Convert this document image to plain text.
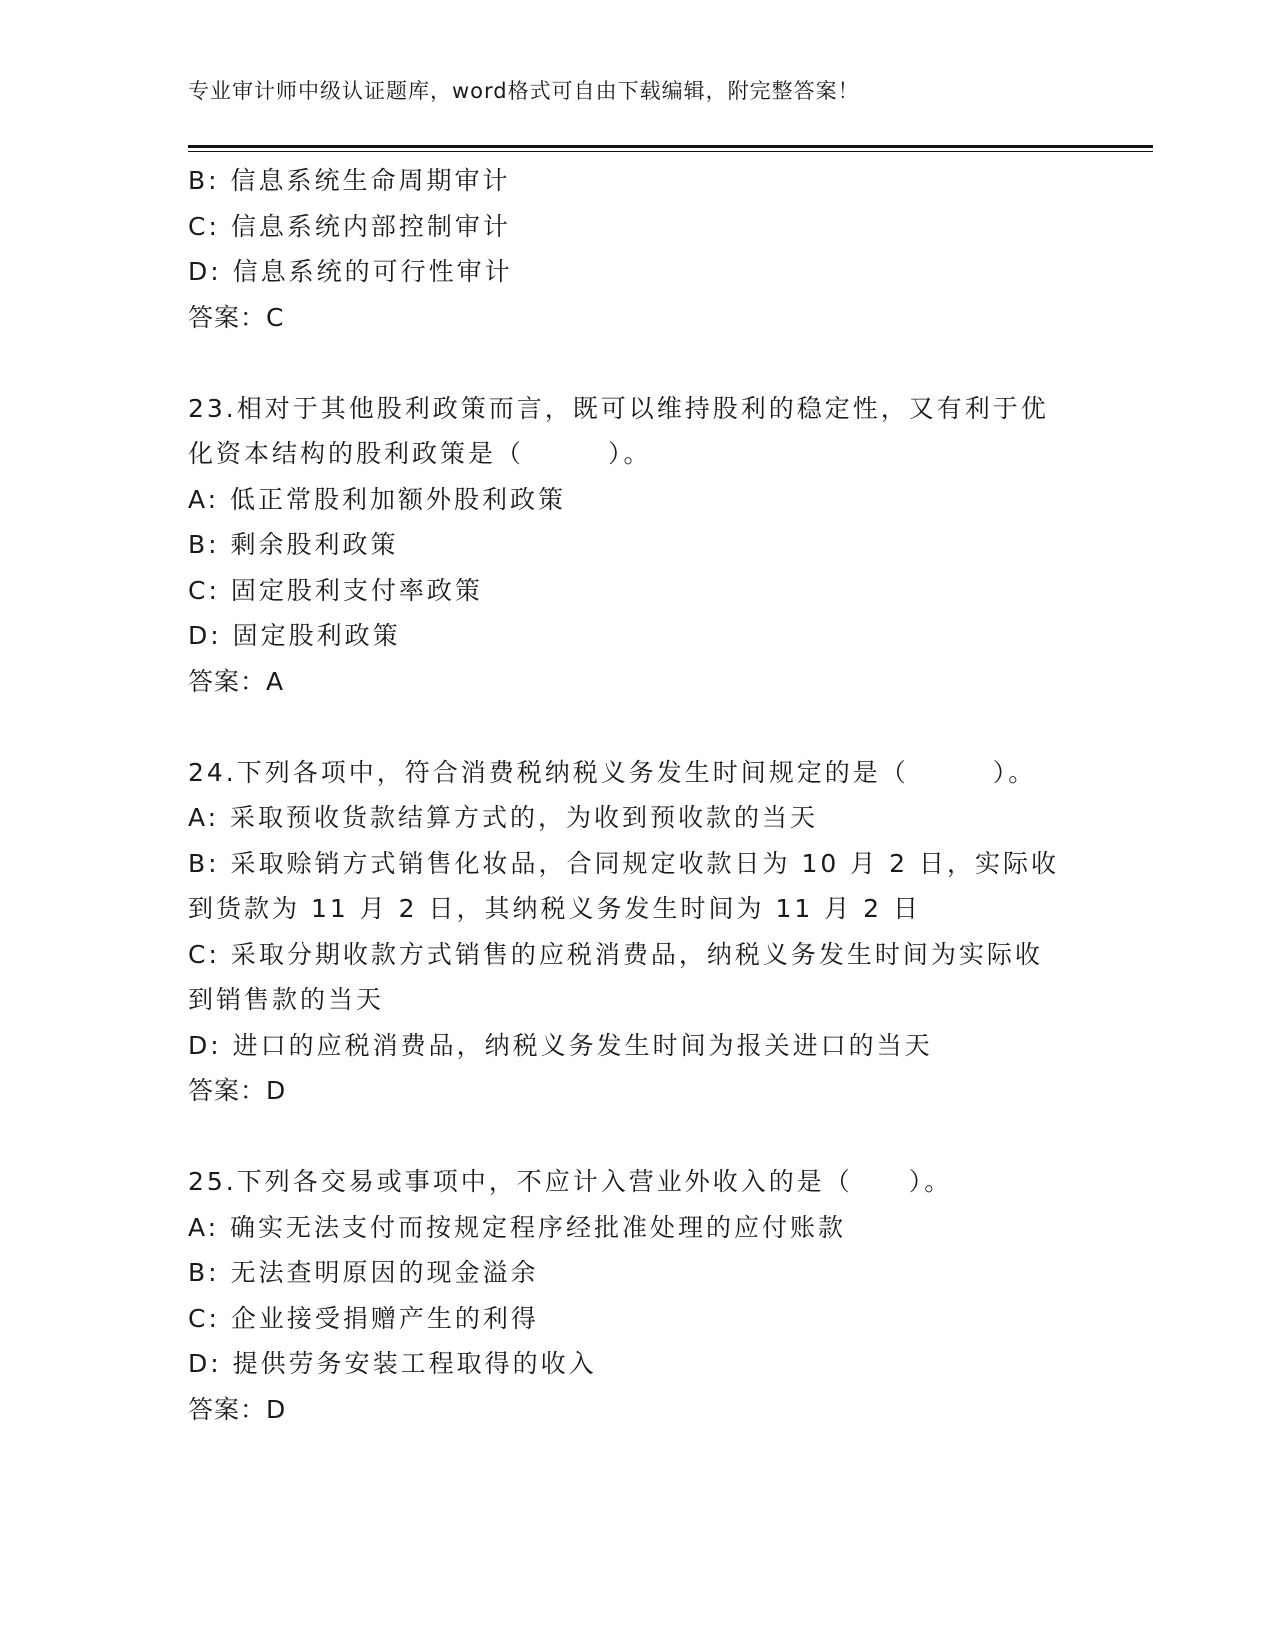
专业审计师中级认证题库，word格式可自由下载编辑，附完整答案！
B: 信息系统生命周期审计
C: 信息系统内部控制审计
D: 信息系统的可行性审计
答案：C
23.相对于其他股利政策而言，既可以维持股利的稳定性，又有利于优
化资本结构的股利政策是（　　　）。
A: 低正常股利加额外股利政策
B: 剩余股利政策
C: 固定股利支付率政策
D: 固定股利政策
答案：A
24.下列各项中，符合消费税纳税义务发生时间规定的是（　　　）。
A: 采取预收货款结算方式的，为收到预收款的当天
B: 采取赊销方式销售化妆品，合同规定收款日为 10 月 2 日，实际收
到货款为 11 月 2 日，其纳税义务发生时间为 11 月 2 日
C: 采取分期收款方式销售的应税消费品，纳税义务发生时间为实际收
到销售款的当天
D: 进口的应税消费品，纳税义务发生时间为报关进口的当天
答案：D
25.下列各交易或事项中，不应计入营业外收入的是（　　）。
A: 确实无法支付而按规定程序经批准处理的应付账款
B: 无法查明原因的现金溢余
C: 企业接受捐赠产生的利得
D: 提供劳务安装工程取得的收入
答案：D
